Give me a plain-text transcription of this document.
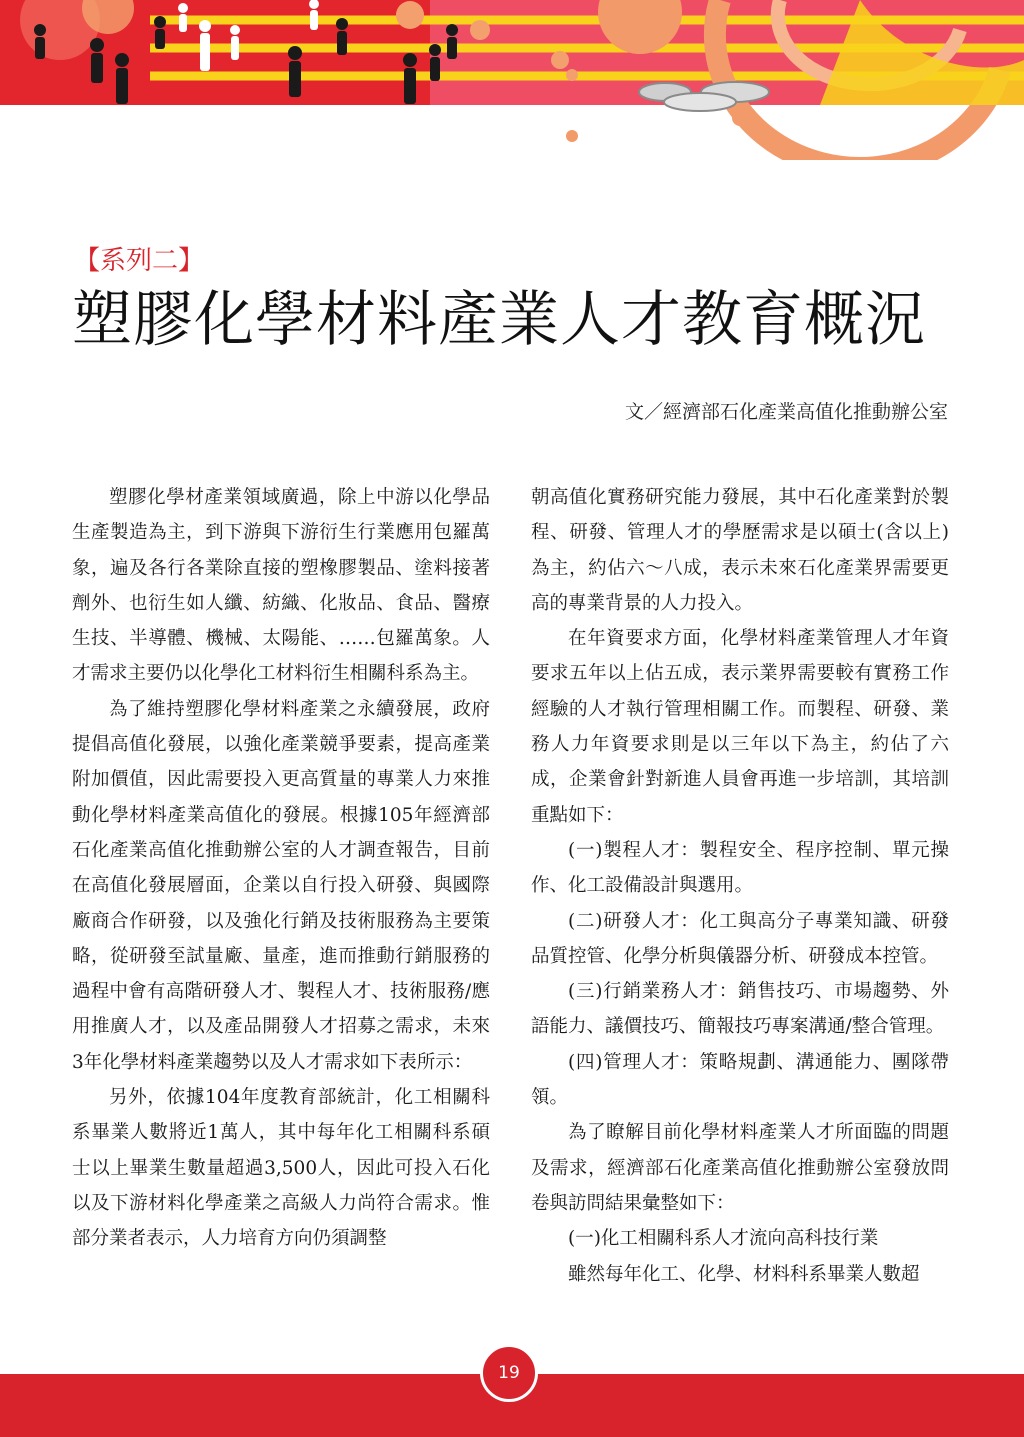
【系列二】
塑膠化學材料產業人才教育概況
文／經濟部石化產業高值化推動辦公室

塑膠化學材產業領域廣過，除上中游以化學品生產製造為主，到下游與下游衍生行業應用包羅萬象，遍及各行各業除直接的塑橡膠製品、塗料接著劑外、也衍生如人纖、紡織、化妝品、食品、醫療生技、半導體、機械、太陽能、……包羅萬象。人才需求主要仍以化學化工材料衍生相關科系為主。

為了維持塑膠化學材料產業之永續發展，政府提倡高值化發展，以強化產業競爭要素，提高產業附加價值，因此需要投入更高質量的專業人力來推動化學材料產業高值化的發展。根據105年經濟部石化產業高值化推動辦公室的人才調查報告，目前在高值化發展層面，企業以自行投入研發、與國際廠商合作研發，以及強化行銷及技術服務為主要策略，從研發至試量廠、量產，進而推動行銷服務的過程中會有高階研發人才、製程人才、技術服務/應用推廣人才，以及產品開發人才招募之需求，未來3年化學材料產業趨勢以及人才需求如下表所示：

另外，依據104年度教育部統計，化工相關科系畢業人數將近1萬人，其中每年化工相關科系碩士以上畢業生數量超過3,500人，因此可投入石化以及下游材料化學產業之高級人力尚符合需求。惟部分業者表示，人力培育方向仍須調整

朝高值化實務研究能力發展，其中石化產業對於製程、研發、管理人才的學歷需求是以碩士(含以上)為主，約佔六～八成，表示未來石化產業界需要更高的專業背景的人力投入。

在年資要求方面，化學材料產業管理人才年資要求五年以上佔五成，表示業界需要較有實務工作經驗的人才執行管理相關工作。而製程、研發、業務人力年資要求則是以三年以下為主，約佔了六成，企業會針對新進人員會再進一步培訓，其培訓重點如下：

(一)製程人才：製程安全、程序控制、單元操作、化工設備設計與選用。

(二)研發人才：化工與高分子專業知識、研發品質控管、化學分析與儀器分析、研發成本控管。

(三)行銷業務人才：銷售技巧、市場趨勢、外語能力、議價技巧、簡報技巧專案溝通/整合管理。

(四)管理人才：策略規劃、溝通能力、團隊帶領。

為了瞭解目前化學材料產業人才所面臨的問題及需求，經濟部石化產業高值化推動辦公室發放問卷與訪問結果彙整如下：

(一)化工相關科系人才流向高科技行業

雖然每年化工、化學、材料科系畢業人數超

19
